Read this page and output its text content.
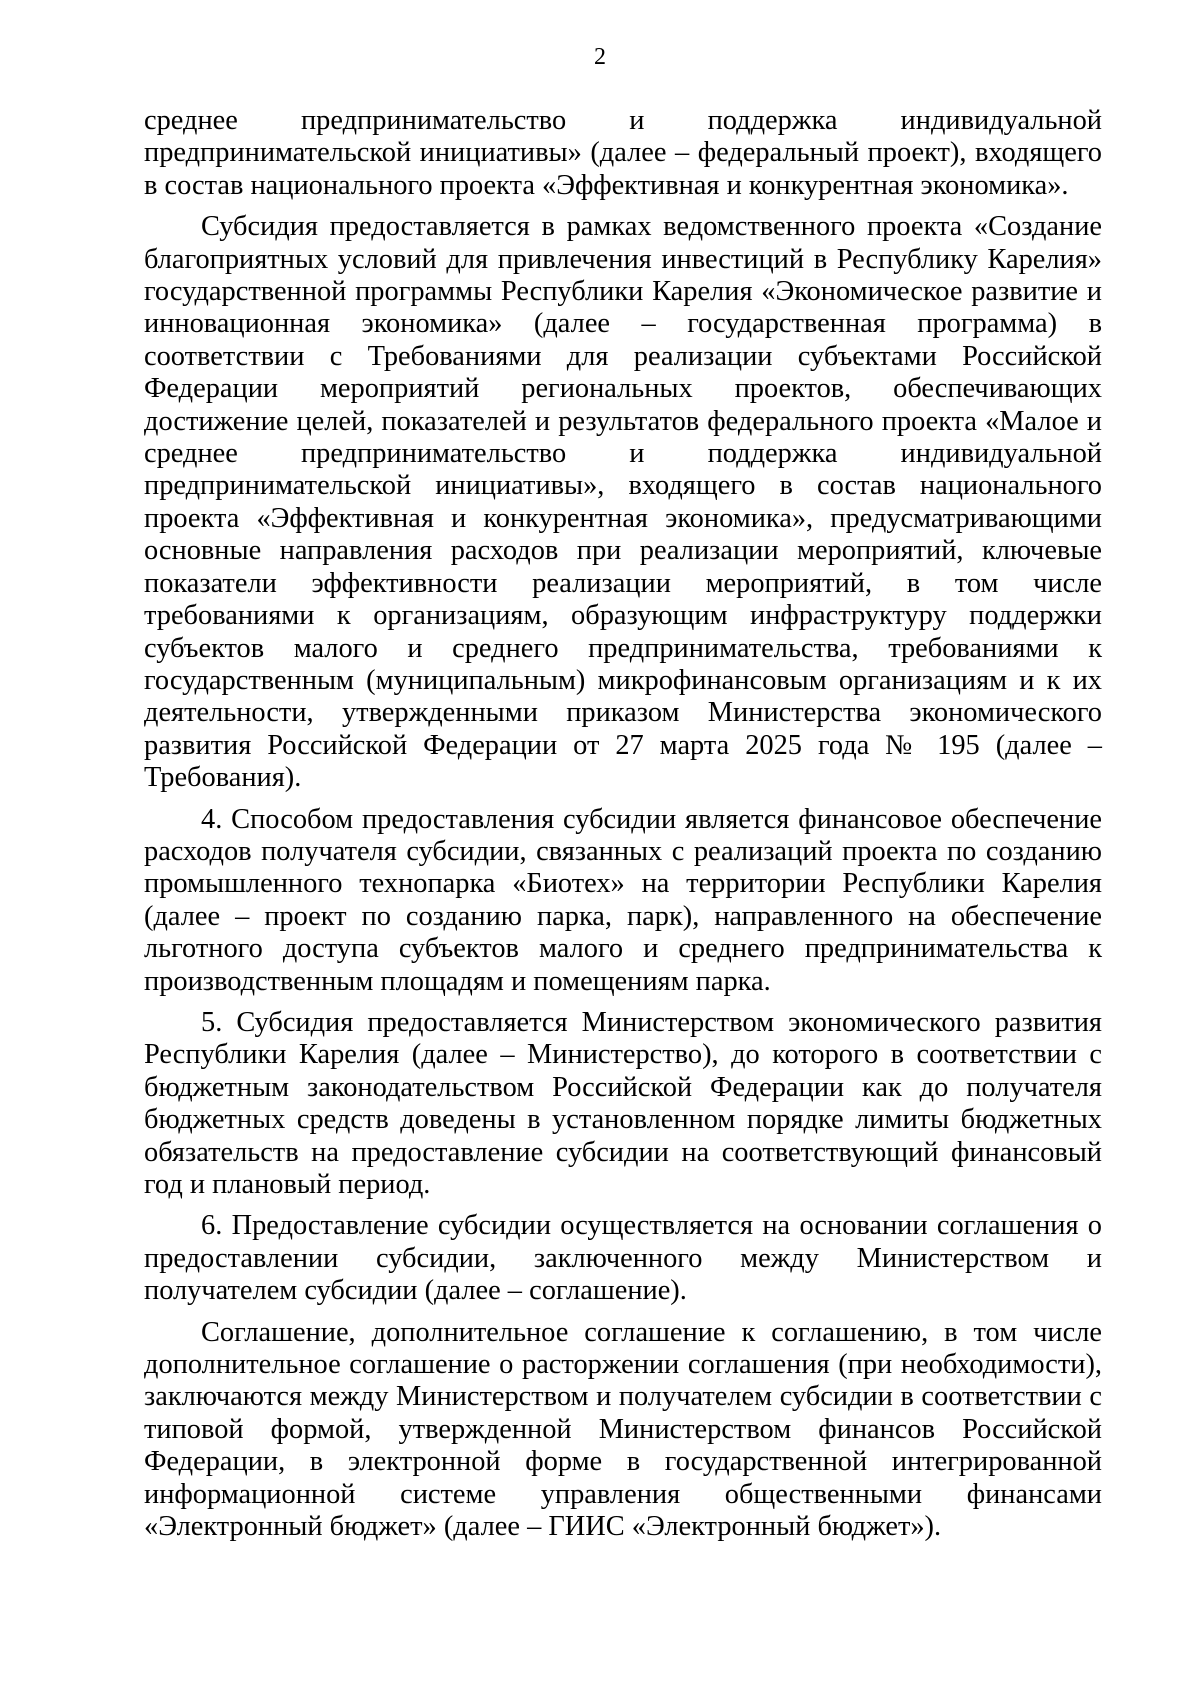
2

среднее предпринимательство и поддержка индивидуальной предпринимательской инициативы» (далее – федеральный проект), входящего в состав национального проекта «Эффективная и конкурентная экономика».

Субсидия предоставляется в рамках ведомственного проекта «Создание благоприятных условий для привлечения инвестиций в Республику Карелия» государственной программы Республики Карелия «Экономическое развитие и инновационная экономика» (далее – государственная программа) в соответствии с Требованиями для реализации субъектами Российской Федерации мероприятий региональных проектов, обеспечивающих достижение целей, показателей и результатов федерального проекта «Малое и среднее предпринимательство и поддержка индивидуальной предпринимательской инициативы», входящего в состав национального проекта «Эффективная и конкурентная экономика», предусматривающими основные направления расходов при реализации мероприятий, ключевые показатели эффективности реализации мероприятий, в том числе требованиями к организациям, образующим инфраструктуру поддержки субъектов малого и среднего предпринимательства, требованиями к государственным (муниципальным) микрофинансовым организациям и к их деятельности, утвержденными приказом Министерства экономического развития Российской Федерации от 27 марта 2025 года № 195 (далее – Требования).

4. Способом предоставления субсидии является финансовое обеспечение расходов получателя субсидии, связанных с реализаций проекта по созданию промышленного технопарка «Биотех» на территории Республики Карелия (далее – проект по созданию парка, парк), направленного на обеспечение льготного доступа субъектов малого и среднего предпринимательства к производственным площадям и помещениям парка.

5. Субсидия предоставляется Министерством экономического развития Республики Карелия (далее – Министерство), до которого в соответствии с бюджетным законодательством Российской Федерации как до получателя бюджетных средств доведены в установленном порядке лимиты бюджетных обязательств на предоставление субсидии на соответствующий финансовый год и плановый период.

6. Предоставление субсидии осуществляется на основании соглашения о предоставлении субсидии, заключенного между Министерством и получателем субсидии (далее – соглашение).

Соглашение, дополнительное соглашение к соглашению, в том числе дополнительное соглашение о расторжении соглашения (при необходимости), заключаются между Министерством и получателем субсидии в соответствии с типовой формой, утвержденной Министерством финансов Российской Федерации, в электронной форме в государственной интегрированной информационной системе управления общественными финансами «Электронный бюджет» (далее – ГИИС «Электронный бюджет»).
